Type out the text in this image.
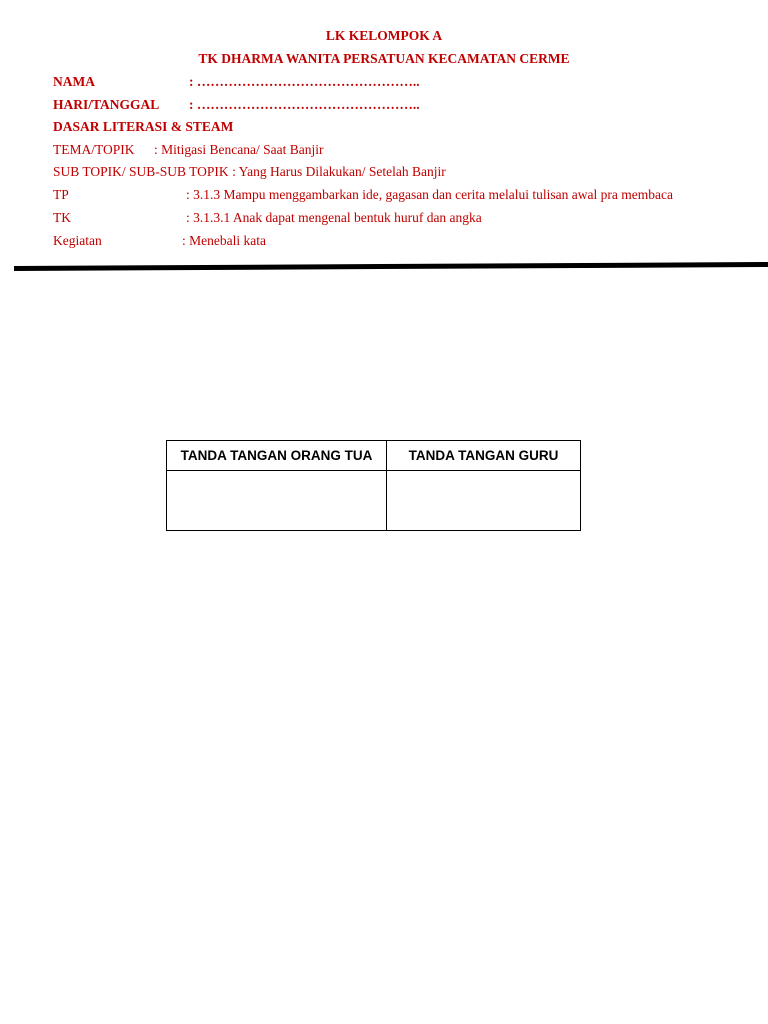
LK KELOMPOK A
TK DHARMA WANITA PERSATUAN KECAMATAN CERME
NAMA	: …………………………………………..
HARI/TANGGAL : …………………………………………..
DASAR LITERASI & STEAM
TEMA/TOPIK : Mitigasi Bencana/ Saat Banjir
SUB TOPIK/ SUB-SUB TOPIK : Yang Harus Dilakukan/ Setelah Banjir
TP	: 3.1.3 Mampu menggambarkan ide, gagasan dan cerita melalui tulisan awal pra membaca
TK	: 3.1.3.1 Anak dapat mengenal bentuk huruf dan angka
Kegiatan	: Menebali kata
TANDA TANGAN ORANG TUA	TANDA TANGAN GURU
